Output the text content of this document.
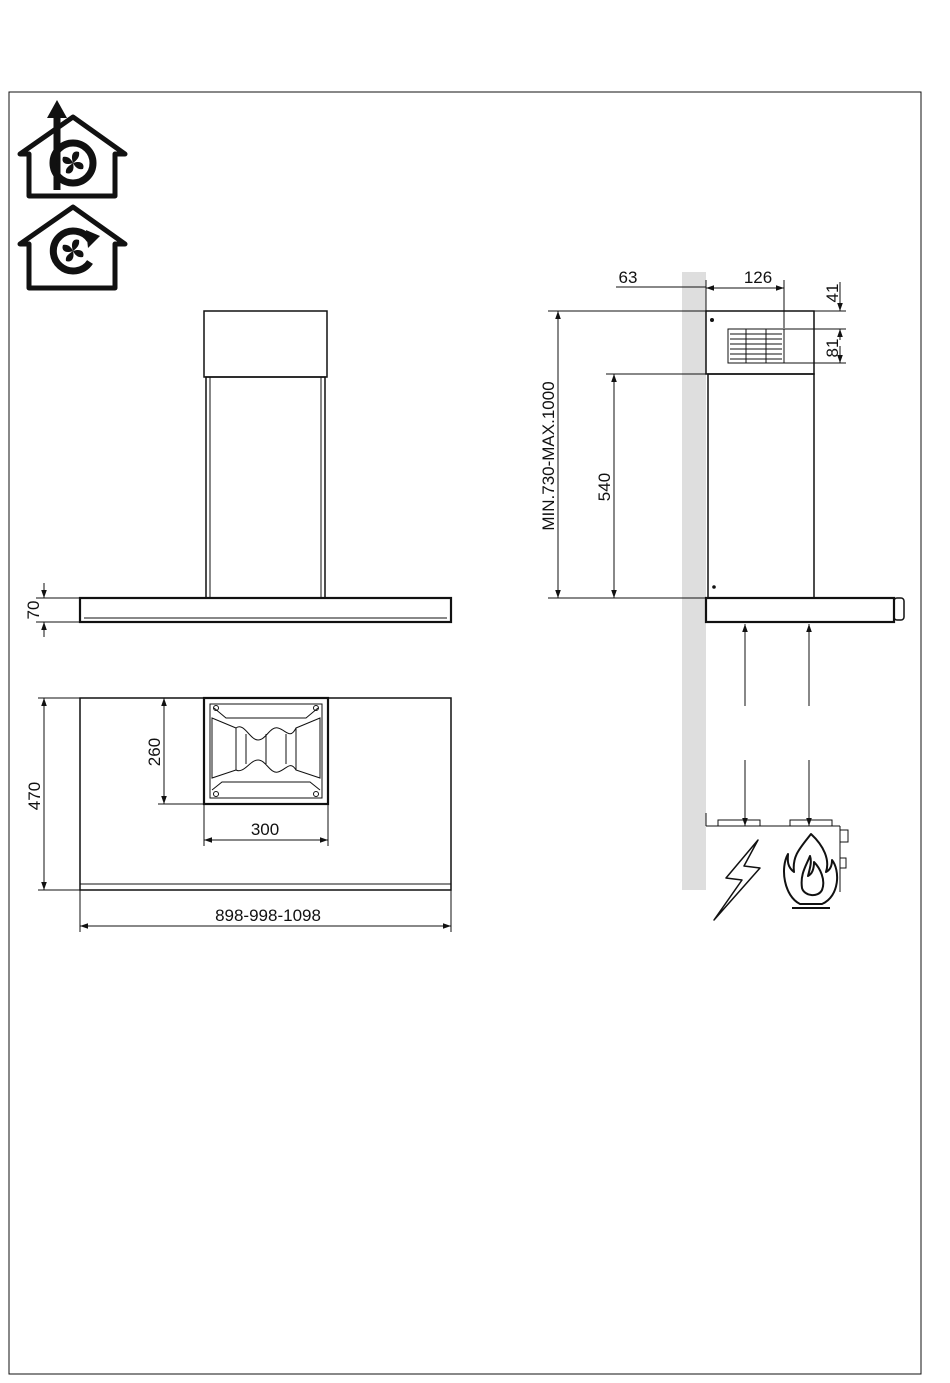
70
470
260
300
898-998-1098
63	126
41
81
MIN.730-MAX.1000 540
